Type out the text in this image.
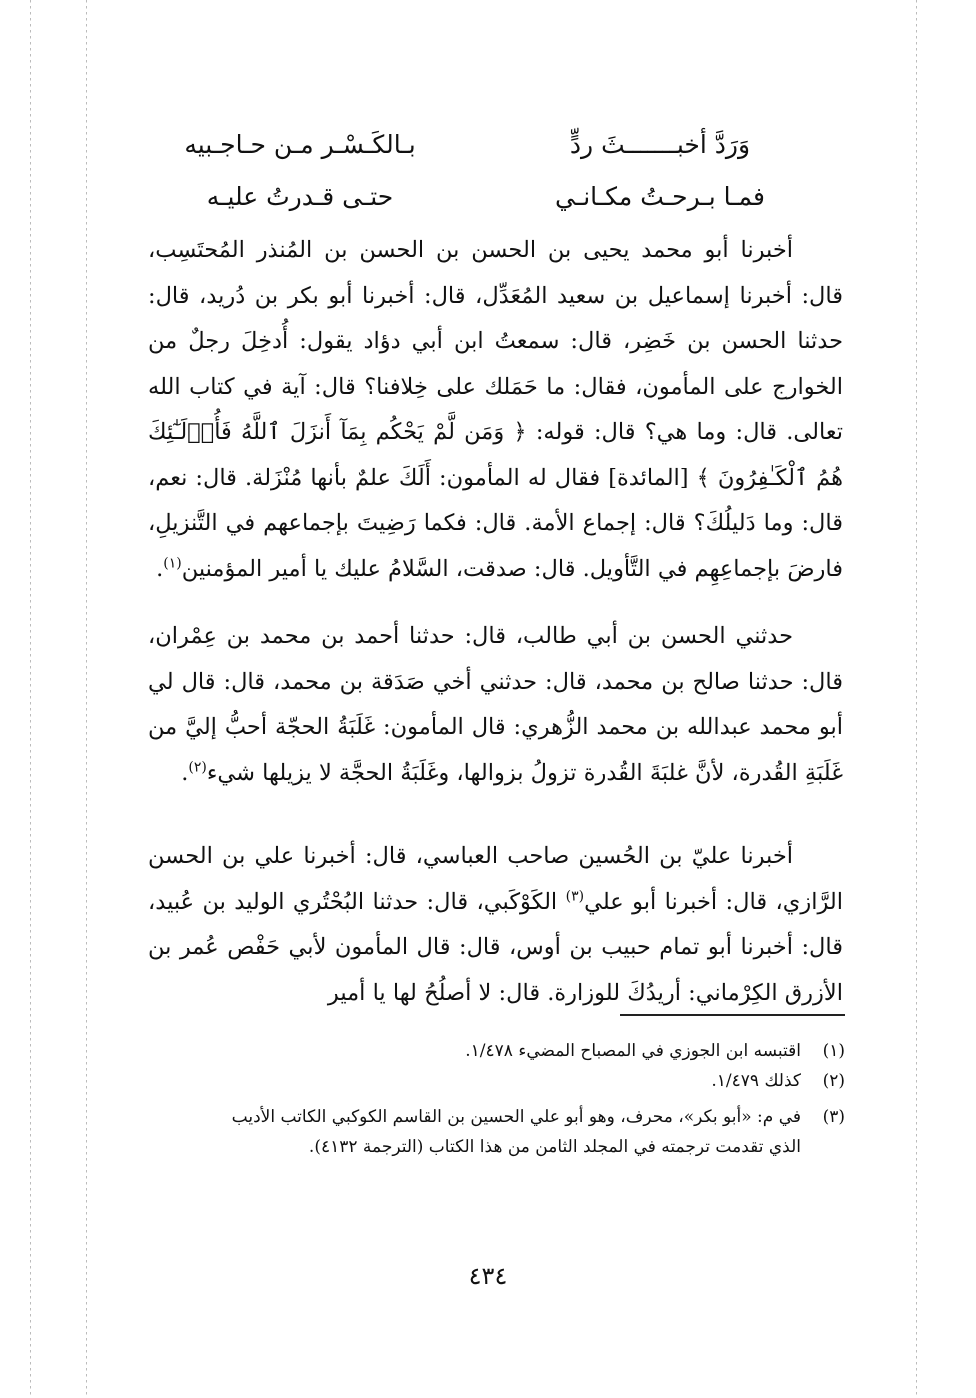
وَرَدَّ أخبـــــــثَ ردٍّ
بـالكَـسْـر مـن حـاجـبيه
فمـا بـرحـتُ مكـانـي
حتـى قـدرتُ عليـه
أخبرنا أبو محمد يحيى بن الحسن بن الحسن بن المُنذر المُحتَسِب، قال: أخبرنا إسماعيل بن سعيد المُعَدِّل، قال: أخبرنا أبو بكر بن دُريد، قال: حدثنا الحسن بن خَضِر، قال: سمعتُ ابن أبي دؤاد يقول: أُدخِلَ رجلٌ من الخوارج على المأمون، فقال: ما حَمَلك على خِلافنا؟ قال: آية في كتاب الله تعالى. قال: وما هي؟ قال: قوله: ﴿ وَمَن لَّمْ يَحْكُم بِمَآ أَنزَلَ ٱللَّهُ فَأُو۟لَـٰٓئِكَ هُمُ ٱلْكَـٰفِرُونَ ﴾ [المائدة] فقال له المأمون: أَلَكَ علمٌ بأنها مُنْزَلة. قال: نعم، قال: وما دَليلُكَ؟ قال: إجماع الأمة. قال: فكما رَضِيتَ بإجماعهم في التَّنزيلِ، فارضَ بإجماعِهِم في التَّأويل. قال: صدقت، السَّلامُ عليك يا أمير المؤمنين$^{(١)}$.
حدثني الحسن بن أبي طالب، قال: حدثنا أحمد بن محمد بن عِمْران، قال: حدثنا صالح بن محمد، قال: حدثني أخي صَدَقة بن محمد، قال: قال لي أبو محمد عبدالله بن محمد الزُّهري: قال المأمون: غَلَبَةُ الحجّة أحبُّ إليَّ من غَلَبَةِ القُدرة، لأنَّ غلبَةَ القُدرة تزولُ بزوالها، وغَلَبَةُ الحجَّة لا يزيلها شيء$^{(٢)}$.
أخبرنا عليّ بن الحُسين صاحب العباسي، قال: أخبرنا علي بن الحسن الرَّازي، قال: أخبرنا أبو علي$^{(٣)}$ الكَوْكَبي، قال: حدثنا البُحْتُري الوليد بن عُبيد، قال: أخبرنا أبو تمام حبيب بن أوس، قال: قال المأمون لأبي حَفْص عُمر بن الأزرق الكِرْماني: أريدُكَ للوزارة. قال: لا أصلُحُ لها يا أمير
(١)
اقتبسه ابن الجوزي في المصباح المضيء ١/٤٧٨.
(٢)
كذلك ١/٤٧٩.
(٣)
في م: «أبو بكر»، محرف، وهو أبو علي الحسين بن القاسم الكوكبي الكاتب الأديب الذي تقدمت ترجمته في المجلد الثامن من هذا الكتاب (الترجمة ٤١٣٢).
٤٣٤
